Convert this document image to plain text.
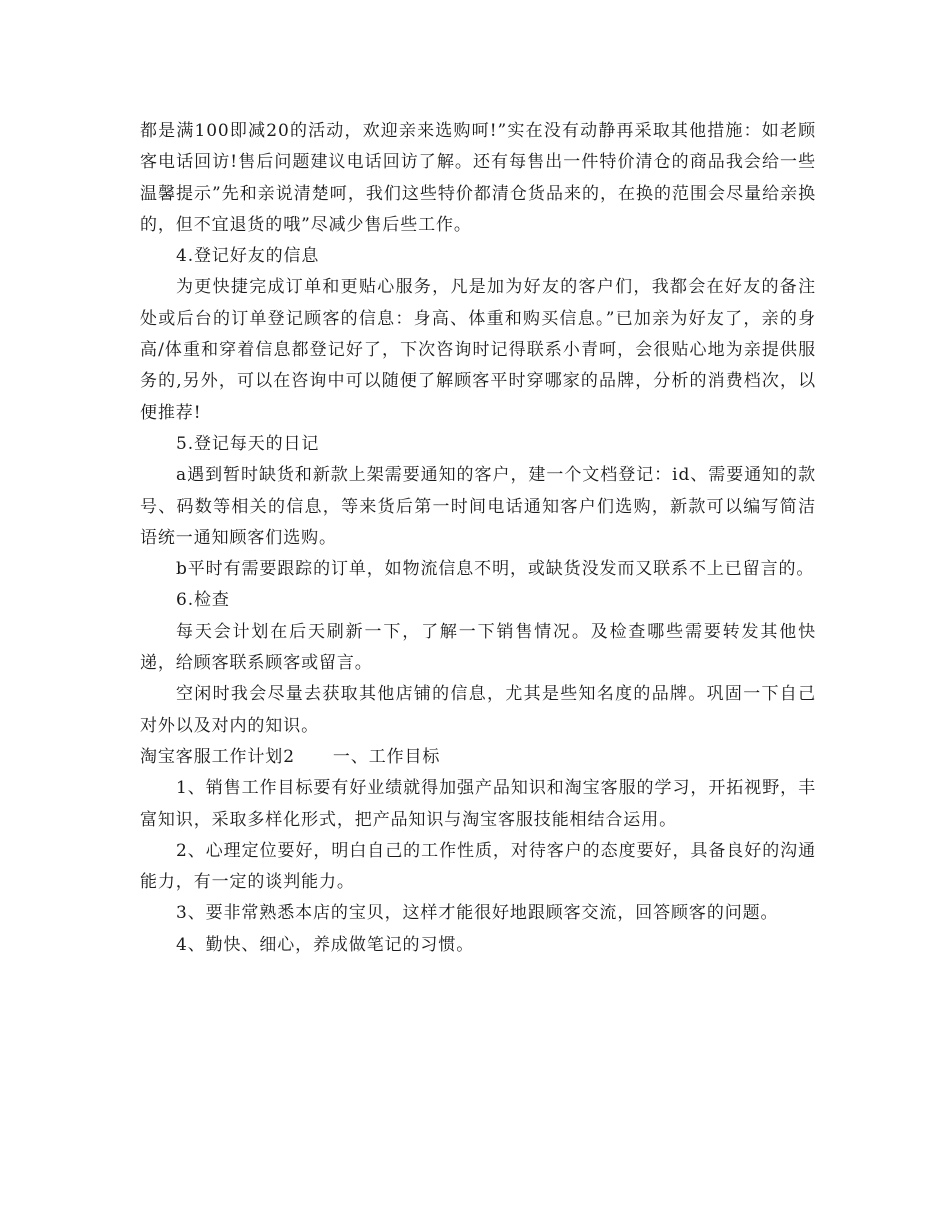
都是满100即减20的活动，欢迎亲来选购呵!”实在没有动静再采取其他措施：如老顾客电话回访!售后问题建议电话回访了解。还有每售出一件特价清仓的商品我会给一些温馨提示”先和亲说清楚呵，我们这些特价都清仓货品来的，在换的范围会尽量给亲换的，但不宜退货的哦”尽减少售后些工作。

4.登记好友的信息

为更快捷完成订单和更贴心服务，凡是加为好友的客户们，我都会在好友的备注处或后台的订单登记顾客的信息：身高、体重和购买信息。”已加亲为好友了，亲的身高/体重和穿着信息都登记好了，下次咨询时记得联系小青呵，会很贴心地为亲提供服务的,另外，可以在咨询中可以随便了解顾客平时穿哪家的品牌，分析的消费档次，以便推荐!

5.登记每天的日记

a遇到暂时缺货和新款上架需要通知的客户，建一个文档登记：id、需要通知的款号、码数等相关的信息，等来货后第一时间电话通知客户们选购，新款可以编写简洁语统一通知顾客们选购。

b平时有需要跟踪的订单，如物流信息不明，或缺货没发而又联系不上已留言的。

6.检查

每天会计划在后天刷新一下，了解一下销售情况。及检查哪些需要转发其他快递，给顾客联系顾客或留言。

空闲时我会尽量去获取其他店铺的信息，尤其是些知名度的品牌。巩固一下自己对外以及对内的知识。

淘宝客服工作计划2 一、工作目标

1、销售工作目标要有好业绩就得加强产品知识和淘宝客服的学习，开拓视野，丰富知识，采取多样化形式，把产品知识与淘宝客服技能相结合运用。

2、心理定位要好，明白自己的工作性质，对待客户的态度要好，具备良好的沟通能力，有一定的谈判能力。

3、要非常熟悉本店的宝贝，这样才能很好地跟顾客交流，回答顾客的问题。

4、勤快、细心，养成做笔记的习惯。
